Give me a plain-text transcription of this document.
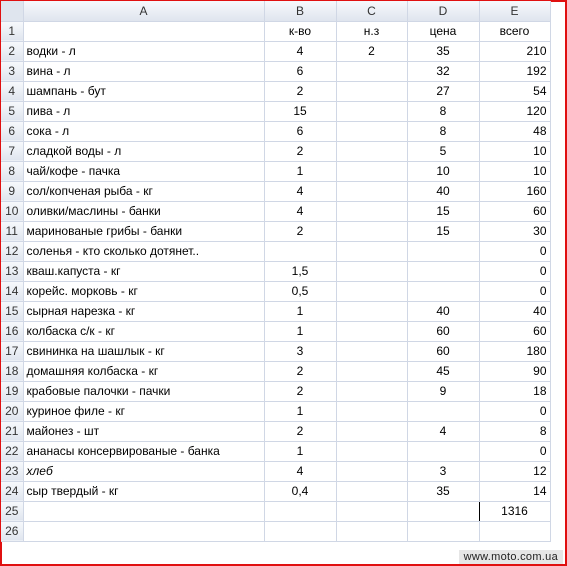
	A	B	C	D	E
1		к-во	н.з	цена	всего
2	водки - л	4	2	35	210
3	вина - л	6		32	192
4	шампань - бут	2		27	54
5	пива - л	15		8	120
6	сока - л	6		8	48
7	сладкой воды - л	2		5	10
8	чай/кофе - пачка	1		10	10
9	сол/копченая рыба - кг	4		40	160
10	оливки/маслины - банки	4		15	60
11	маринованые грибы - банки	2		15	30
12	соленья - кто сколько дотянет..				0
13	кваш.капуста - кг	1,5			0
14	корейс. морковь - кг	0,5			0
15	сырная нарезка - кг	1		40	40
16	колбаска с/к - кг	1		60	60
17	свининка на шашлык - кг	3		60	180
18	домашняя колбаска - кг	2		45	90
19	крабовые палочки - пачки	2		9	18
20	куриное филе - кг	1			0
21	майонез - шт	2		4	8
22	ананасы консервированые - банка	1			0
23	хлеб	4		3	12
24	сыр твердый - кг	0,4		35	14
25					1316
26					
www.moto.com.ua
